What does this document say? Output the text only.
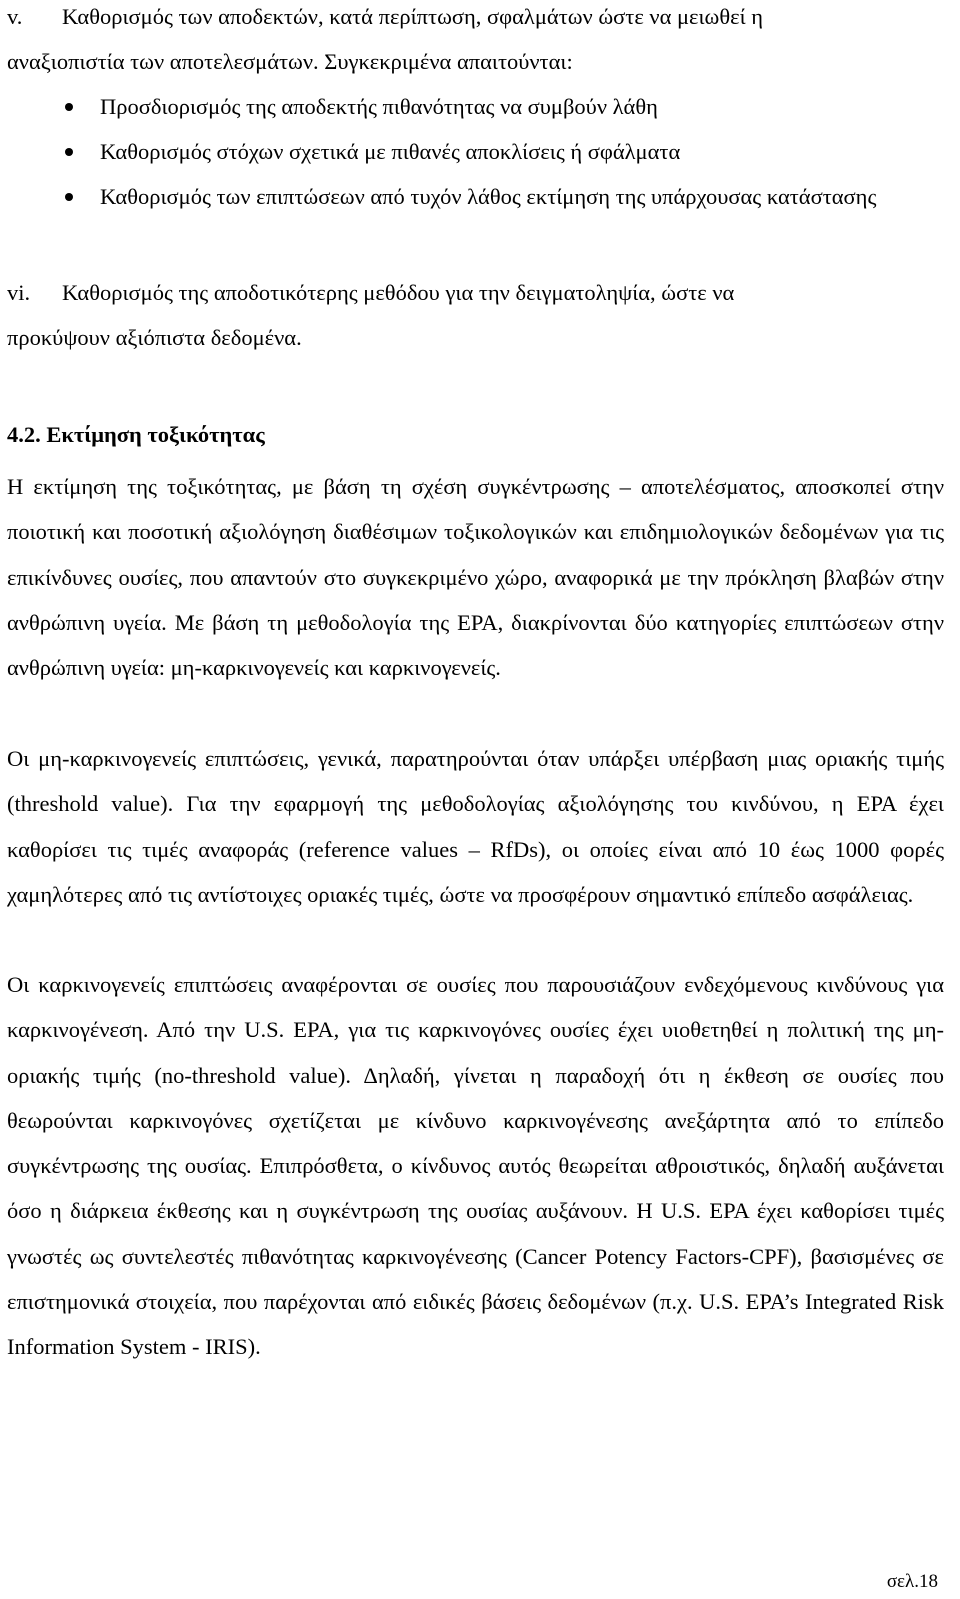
v. Καθορισμός των αποδεκτών, κατά περίπτωση, σφαλμάτων ώστε να μειωθεί η
αναξιοπιστία των αποτελεσμάτων. Συγκεκριμένα απαιτούνται:
Προσδιορισμός της αποδεκτής πιθανότητας να συμβούν λάθη
Καθορισμός στόχων σχετικά με πιθανές αποκλίσεις ή σφάλματα
Καθορισμός των επιπτώσεων από τυχόν λάθος εκτίμηση της υπάρχουσας κατάστασης
vi. Καθορισμός της αποδοτικότερης μεθόδου για την δειγματοληψία, ώστε να
προκύψουν αξιόπιστα δεδομένα.
4.2. Εκτίμηση τοξικότητας

Η εκτίμηση της τοξικότητας, με βάση τη σχέση συγκέντρωσης – αποτελέσματος, αποσκοπεί στην ποιοτική και ποσοτική αξιολόγηση διαθέσιμων τοξικολογικών και επιδημιολογικών δεδομένων για τις επικίνδυνες ουσίες, που απαντούν στο συγκεκριμένο χώρο, αναφορικά με την πρόκληση βλαβών στην ανθρώπινη υγεία. Με βάση τη μεθοδολογία της EPA, διακρίνονται δύο κατηγορίες επιπτώσεων στην ανθρώπινη υγεία: μη-καρκινογενείς και καρκινογενείς.

Οι μη-καρκινογενείς επιπτώσεις, γενικά, παρατηρούνται όταν υπάρξει υπέρβαση μιας οριακής τιμής (threshold value). Για την εφαρμογή της μεθοδολογίας αξιολόγησης του κινδύνου, η EPA έχει καθορίσει τις τιμές αναφοράς (reference values – RfDs), οι οποίες είναι από 10 έως 1000 φορές χαμηλότερες από τις αντίστοιχες οριακές τιμές, ώστε να προσφέρουν σημαντικό επίπεδο ασφάλειας.

Οι καρκινογενείς επιπτώσεις αναφέρονται σε ουσίες που παρουσιάζουν ενδεχόμενους κινδύνους για καρκινογένεση. Από την U.S. EPA, για τις καρκινογόνες ουσίες έχει υιοθετηθεί η πολιτική της μη-οριακής τιμής (no-threshold value). Δηλαδή, γίνεται η παραδοχή ότι η έκθεση σε ουσίες που θεωρούνται καρκινογόνες σχετίζεται με κίνδυνο καρκινογένεσης ανεξάρτητα από το επίπεδο συγκέντρωσης της ουσίας. Επιπρόσθετα, ο κίνδυνος αυτός θεωρείται αθροιστικός, δηλαδή αυξάνεται όσο η διάρκεια έκθεσης και η συγκέντρωση της ουσίας αυξάνουν. Η U.S. EPA έχει καθορίσει τιμές γνωστές ως συντελεστές πιθανότητας καρκινογένεσης (Cancer Potency Factors-CPF), βασισμένες σε επιστημονικά στοιχεία, που παρέχονται από ειδικές βάσεις δεδομένων (π.χ. U.S. EPA’s Integrated Risk Information System - IRIS).

σελ.18
